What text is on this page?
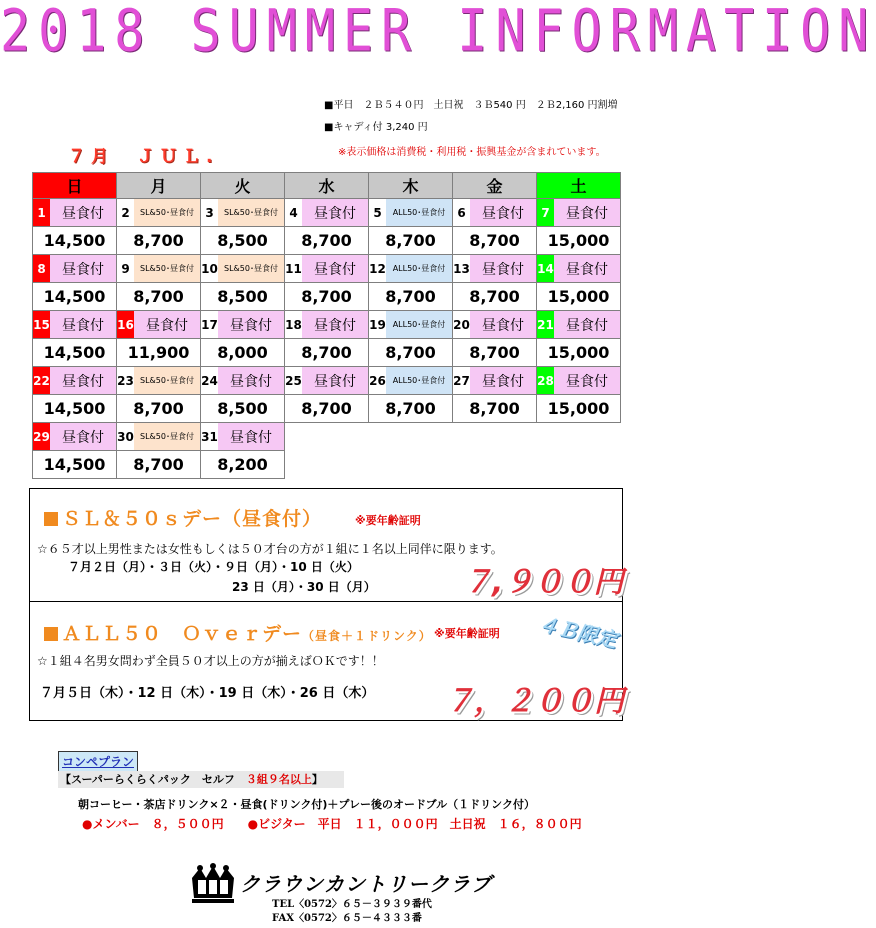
2018 SUMMER INFORMATION
■平日　２Ｂ５４０円　土日祝　３Ｂ540 円　２Ｂ2,160 円割増
■キャディ付 3,240 円
７月　ＪＵＬ.	※表示価格は消費税・利用税・振興基金が含まれています。
日	月	火	水	木	金	土

1 昼食付	2 SL&50･昼食付	3 SL&50･昼食付	4 昼食付	5 ALL50･昼食付	6 昼食付	7 昼食付

14,500	8,700	8,500	8,700	8,700	8,700	15,000

8 昼食付	9 SL&50･昼食付	10 SL&50･昼食付	11 昼食付	12 ALL50･昼食付	13 昼食付	14 昼食付

14,500	8,700	8,500	8,700	8,700	8,700	15,000

15 昼食付	16 昼食付	17 昼食付	18 昼食付	19 ALL50･昼食付	20 昼食付	21 昼食付

14,500	11,900	8,000	8,700	8,700	8,700	15,000

22 昼食付	23 SL&50･昼食付	24 昼食付	25 昼食付	26 ALL50･昼食付	27 昼食付	28 昼食付

14,500	8,700	8,500	8,700	8,700	8,700	15,000

29 昼食付	30 SL&50･昼食付	31 昼食付				

14,500	8,700	8,200				
ＳＬ＆５０ｓデー（昼食付）	※要年齢証明
☆６５才以上男性または女性もしくは５０才台の方が１組に１名以上同伴に限ります。
７月２日（月）・３日（火）・９日（月）・10 日（火）
23 日（月）・30 日（月）	７,９００円
ＡＬＬ５０　Ｏｖｅｒデー（昼食＋１ドリンク） ※要年齢証明 ４Ｂ限定
☆１組４名男女問わず全員５０才以上の方が揃えばＯＫです！！
７月５日（木）・12 日（木）・19 日（木）・26 日（木） ７，２００円
コンペプラン
【スーパーらくらくパック　セルフ　３組９名以上】
朝コーヒー・茶店ドリンク×２・昼食(ドリンク付)＋プレー後のオードブル（１ドリンク付）
●メンバー　８，５００円　　●ビジター　平日　１１，０００円　土日祝　１６，８００円
クラウンカントリークラブ
TEL〈0572〉６５－３９３９番代
FAX〈0572〉６５－４３３３番
